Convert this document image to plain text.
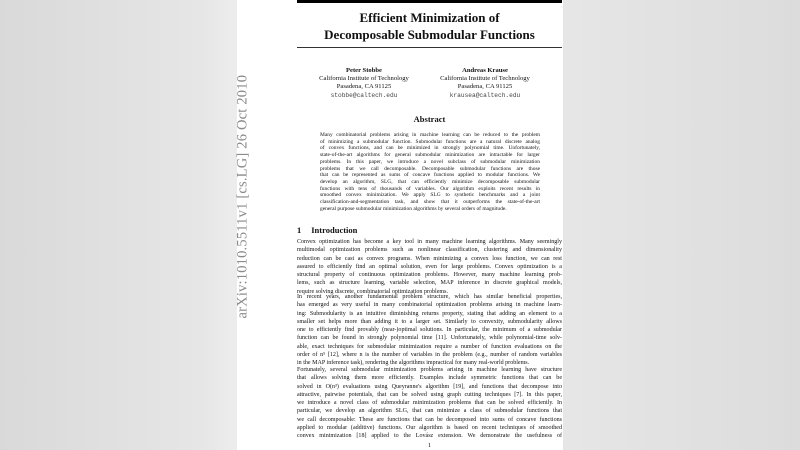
arXiv:1010.5511v1 [cs.LG] 26 Oct 2010
Efficient Minimization of
Decomposable Submodular Functions
Peter Stobbe
California Institute of Technology
Pasadena, CA 91125
stobbe@caltech.edu
Andreas Krause
California Institute of Technology
Pasadena, CA 91125
krausea@caltech.edu
Abstract
Many combinatorial problems arising in machine learning can be reduced to the problem
of minimizing a submodular function. Submodular functions are a natural discrete analog
of convex functions, and can be minimized in strongly polynomial time. Unfortunately,
state-of-the-art algorithms for general submodular minimization are intractable for larger
problems. In this paper, we introduce a novel subclass of submodular minimization
problems that we call decomposable. Decomposable submodular functions are those
that can be represented as sums of concave functions applied to modular functions. We
develop an algorithm, SLG, that can efficiently minimize decomposable submodular
functions with tens of thousands of variables. Our algorithm exploits recent results in
smoothed convex minimization. We apply SLG to synthetic benchmarks and a joint
classification-and-segmentation task, and show that it outperforms the state-of-the-art
general purpose submodular minimization algorithms by several orders of magnitude.
1 Introduction
Convex optimization has become a key tool in many machine learning algorithms. Many seemingly
multimodal optimization problems such as nonlinear classification, clustering and dimensionality
reduction can be cast as convex programs. When minimizing a convex loss function, we can rest
assured to efficiently find an optimal solution, even for large problems. Convex optimization is a
structural property of continuous optimization problems. However, many machine learning prob-
lems, such as structure learning, variable selection, MAP inference in discrete graphical models,
require solving discrete, combinatorial optimization problems.
In recent years, another fundamental problem structure, which has similar beneficial properties,
has emerged as very useful in many combinatorial optimization problems arising in machine learn-
ing: Submodularity is an intuitive diminishing returns property, stating that adding an element to a
smaller set helps more than adding it to a larger set. Similarly to convexity, submodularity allows
one to efficiently find provably (near-)optimal solutions. In particular, the minimum of a submodular
function can be found in strongly polynomial time [11]. Unfortunately, while polynomial-time solv-
able, exact techniques for submodular minimization require a number of function evaluations on the
order of n⁵ [12], where n is the number of variables in the problem (e.g., number of random variables
in the MAP inference task), rendering the algorithms impractical for many real-world problems.
Fortunately, several submodular minimization problems arising in machine learning have structure
that allows solving them more efficiently. Examples include symmetric functions that can be
solved in O(n³) evaluations using Queyranne's algorithm [19], and functions that decompose into
attractive, pairwise potentials, that can be solved using graph cutting techniques [7]. In this paper,
we introduce a novel class of submodular minimization problems that can be solved efficiently. In
particular, we develop an algorithm SLG, that can minimize a class of submodular functions that
we call decomposable: These are functions that can be decomposed into sums of concave functions
applied to modular (additive) functions. Our algorithm is based on recent techniques of smoothed
convex minimization [18] applied to the Lovász extension. We demonstrate the usefulness of
1
